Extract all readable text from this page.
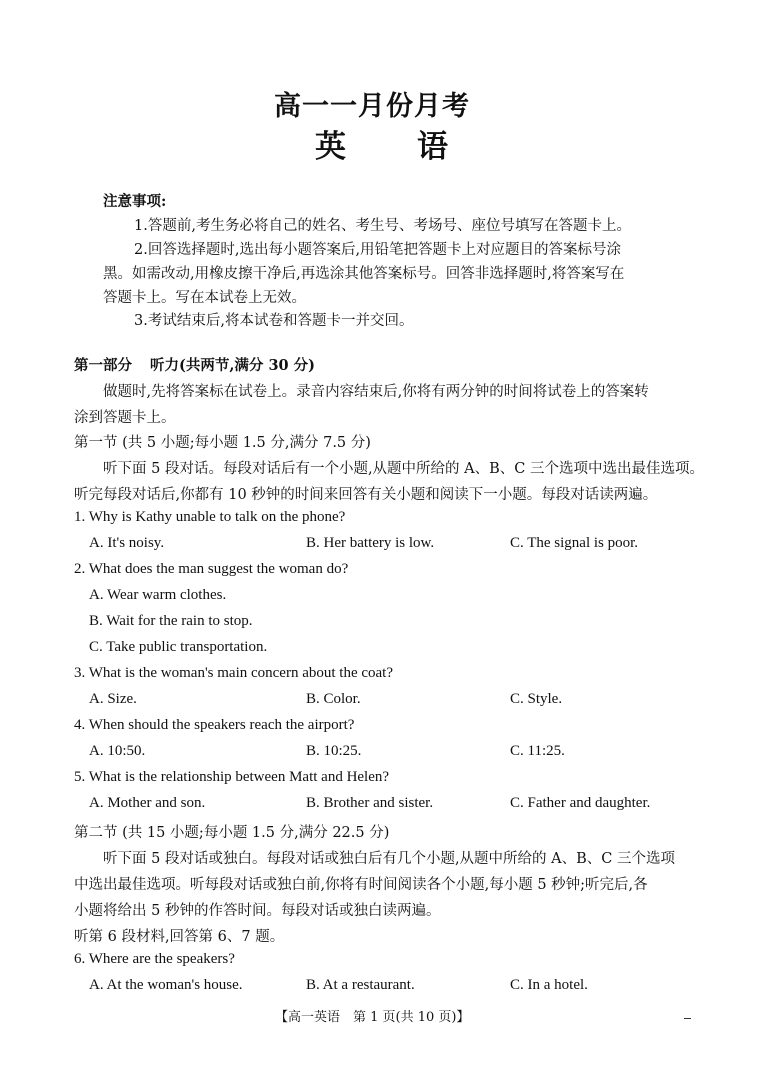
高一一月份月考
英 语
注意事项:
1.答题前,考生务必将自己的姓名、考生号、考场号、座位号填写在答题卡上。
2.回答选择题时,选出每小题答案后,用铅笔把答题卡上对应题目的答案标号涂
黑。如需改动,用橡皮擦干净后,再选涂其他答案标号。回答非选择题时,将答案写在
答题卡上。写在本试卷上无效。
3.考试结束后,将本试卷和答题卡一并交回。
第一部分 听力(共两节,满分 30 分)
做题时,先将答案标在试卷上。录音内容结束后,你将有两分钟的时间将试卷上的答案转
涂到答题卡上。
第一节 (共 5 小题;每小题 1.5 分,满分 7.5 分)
听下面 5 段对话。每段对话后有一个小题,从题中所给的 A、B、C 三个选项中选出最佳选项。
听完每段对话后,你都有 10 秒钟的时间来回答有关小题和阅读下一小题。每段对话读两遍。
1. Why is Kathy unable to talk on the phone?
A. It's noisy.	B. Her battery is low.	C. The signal is poor.
2. What does the man suggest the woman do?
A. Wear warm clothes.
B. Wait for the rain to stop.
C. Take public transportation.
3. What is the woman's main concern about the coat?
A. Size.	B. Color.	C. Style.
4. When should the speakers reach the airport?
A. 10:50.	B. 10:25.	C. 11:25.
5. What is the relationship between Matt and Helen?
A. Mother and son.	B. Brother and sister.	C. Father and daughter.
第二节 (共 15 小题;每小题 1.5 分,满分 22.5 分)
听下面 5 段对话或独白。每段对话或独白后有几个小题,从题中所给的 A、B、C 三个选项
中选出最佳选项。听每段对话或独白前,你将有时间阅读各个小题,每小题 5 秒钟;听完后,各
小题将给出 5 秒钟的作答时间。每段对话或独白读两遍。
听第 6 段材料,回答第 6、7 题。
6. Where are the speakers?
A. At the woman's house.	B. At a restaurant.	C. In a hotel.
【高一英语　第 1 页(共 10 页)】
